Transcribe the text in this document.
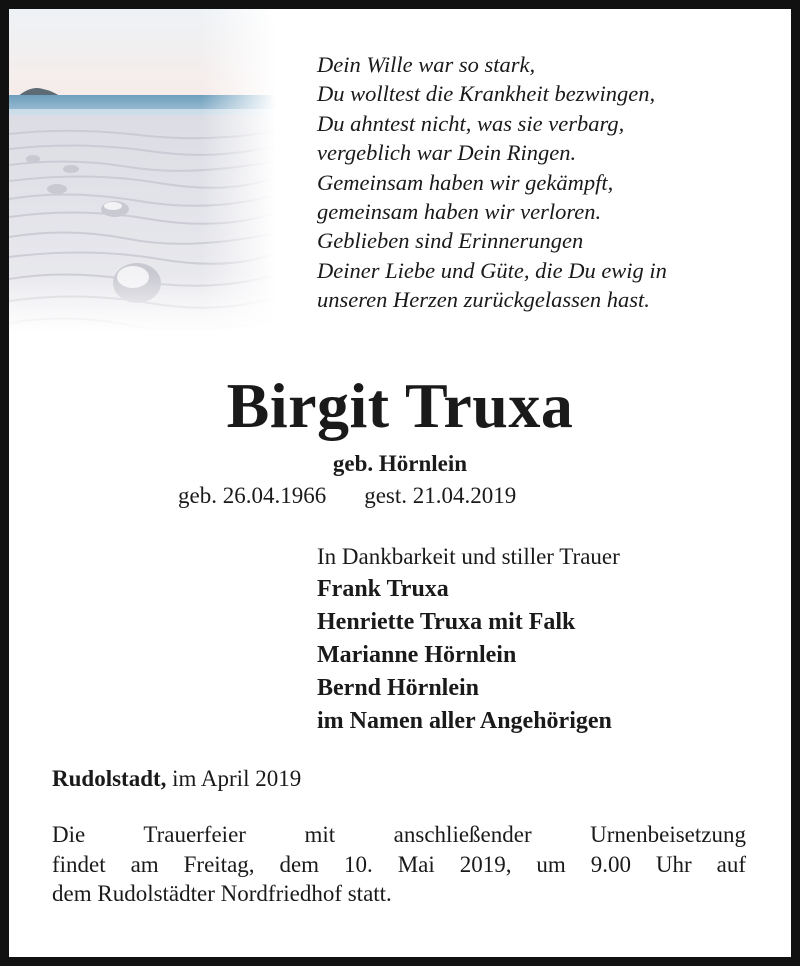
Dein Wille war so stark,
Du wolltest die Krankheit bezwingen,
Du ahntest nicht, was sie verbarg,
vergeblich war Dein Ringen.
Gemeinsam haben wir gekämpft,
gemeinsam haben wir verloren.
Geblieben sind Erinnerungen
Deiner Liebe und Güte, die Du ewig in
unseren Herzen zurückgelassen hast.
Birgit Truxa
geb. Hörnlein
geb. 26.04.1966 gest. 21.04.2019
In Dankbarkeit und stiller Trauer
Frank Truxa
Henriette Truxa mit Falk
Marianne Hörnlein
Bernd Hörnlein
im Namen aller Angehörigen
Rudolstadt, im April 2019
Die Trauerfeier mit anschließender Urnenbeisetzung
findet am Freitag, dem 10. Mai 2019, um 9.00 Uhr auf
dem Rudolstädter Nordfriedhof statt.
